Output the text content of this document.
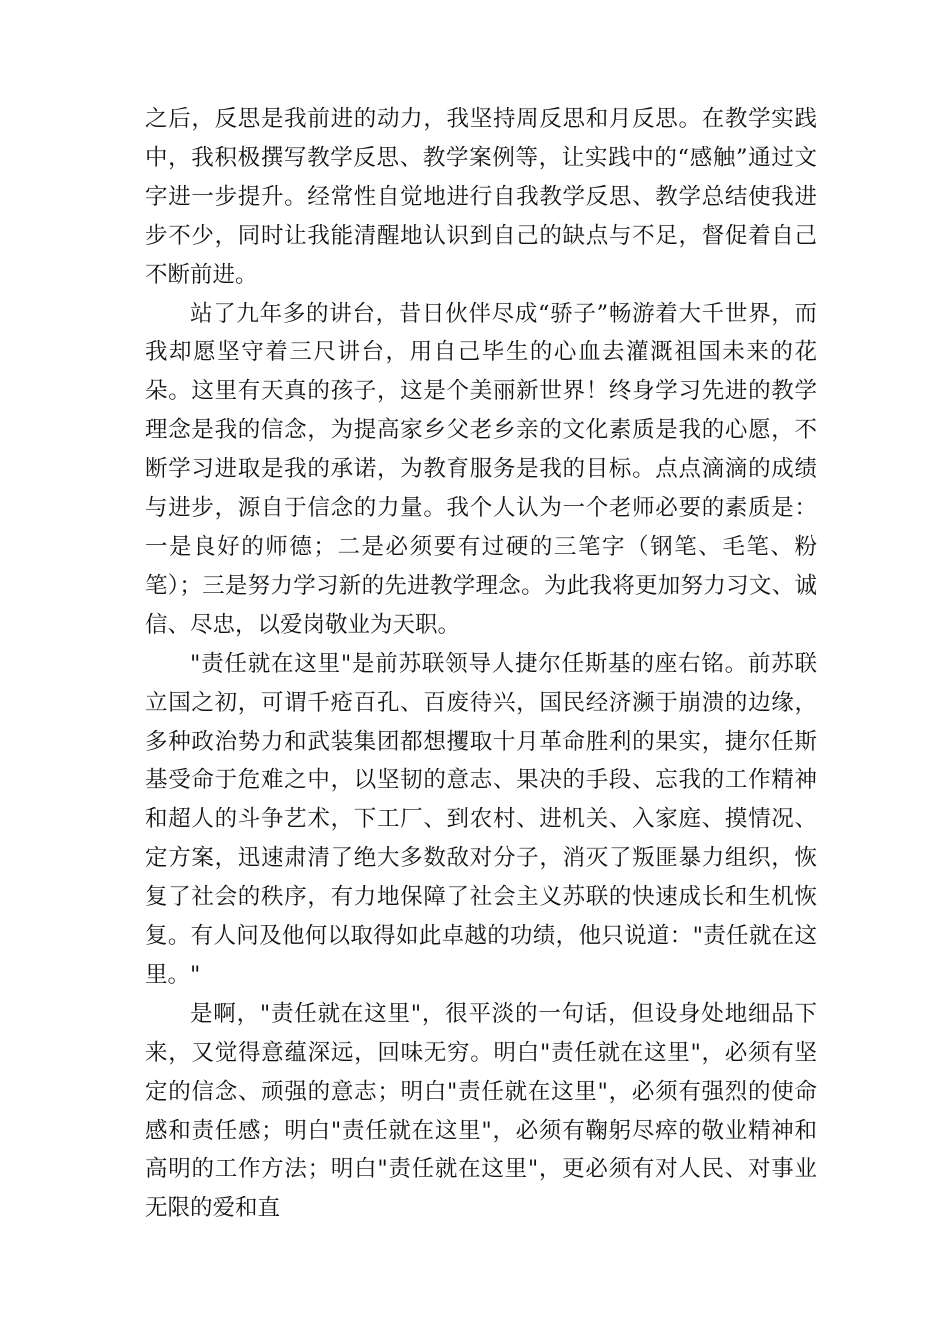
之后，反思是我前进的动力，我坚持周反思和月反思。在教学实践中，我积极撰写教学反思、教学案例等，让实践中的“感触”通过文字进一步提升。经常性自觉地进行自我教学反思、教学总结使我进步不少，同时让我能清醒地认识到自己的缺点与不足，督促着自己不断前进。

站了九年多的讲台，昔日伙伴尽成“骄子”畅游着大千世界，而我却愿坚守着三尺讲台，用自己毕生的心血去灌溉祖国未来的花朵。这里有天真的孩子，这是个美丽新世界！终身学习先进的教学理念是我的信念，为提高家乡父老乡亲的文化素质是我的心愿，不断学习进取是我的承诺，为教育服务是我的目标。点点滴滴的成绩与进步，源自于信念的力量。我个人认为一个老师必要的素质是：一是良好的师德；二是必须要有过硬的三笔字（钢笔、毛笔、粉笔）；三是努力学习新的先进教学理念。为此我将更加努力习文、诚信、尽忠，以爱岗敬业为天职。

"责任就在这里"是前苏联领导人捷尔任斯基的座右铭。前苏联立国之初，可谓千疮百孔、百废待兴，国民经济濒于崩溃的边缘，多种政治势力和武装集团都想攫取十月革命胜利的果实，捷尔任斯基受命于危难之中，以坚韧的意志、果决的手段、忘我的工作精神和超人的斗争艺术，下工厂、到农村、进机关、入家庭、摸情况、定方案，迅速肃清了绝大多数敌对分子，消灭了叛匪暴力组织，恢复了社会的秩序，有力地保障了社会主义苏联的快速成长和生机恢复。有人问及他何以取得如此卓越的功绩，他只说道："责任就在这里。"

是啊，"责任就在这里"，很平淡的一句话，但设身处地细品下来，又觉得意蕴深远，回味无穷。明白"责任就在这里"，必须有坚定的信念、顽强的意志；明白"责任就在这里"，必须有强烈的使命感和责任感；明白"责任就在这里"，必须有鞠躬尽瘁的敬业精神和高明的工作方法；明白"责任就在这里"，更必须有对人民、对事业无限的爱和直
